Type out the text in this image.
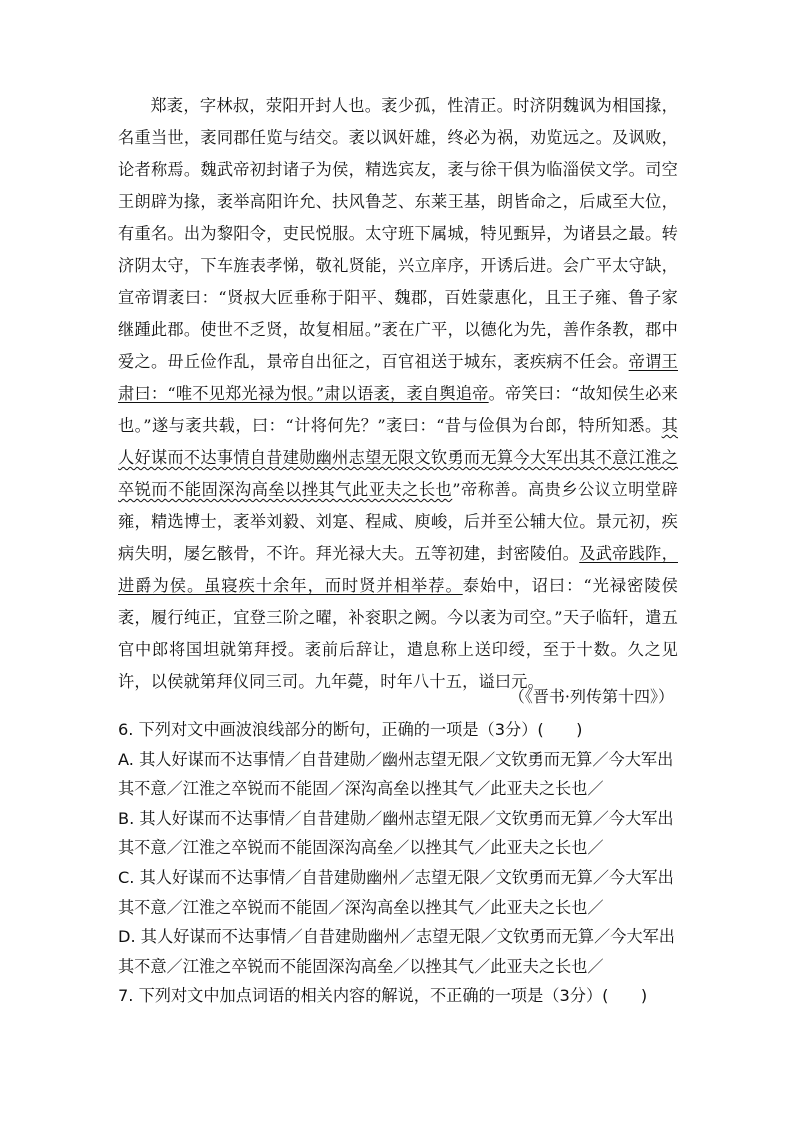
郑袤，字林叔，荥阳开封人也。袤少孤，性清正。时济阴魏讽为相国掾，名重当世，袤同郡任览与结交。袤以讽奸雄，终必为祸，劝览远之。及讽败，论者称焉。魏武帝初封诸子为侯，精选宾友，袤与徐干俱为临淄侯文学。司空王朗辟为掾，袤举高阳许允、扶风鲁芝、东莱王基，朗皆命之，后咸至大位，有重名。出为黎阳令，吏民悦服。太守班下属城，特见甄异，为诸县之最。转济阴太守，下车旌表孝悌，敬礼贤能，兴立庠序，开诱后进。会广平太守缺，宣帝谓袤曰：“贤叔大匠垂称于阳平、魏郡，百姓蒙惠化，且王子雍、鲁子家继踵此郡。使世不乏贤，故复相屈。”袤在广平，以德化为先，善作条教，郡中爱之。毌丘俭作乱，景帝自出征之，百官祖送于城东，袤疾病不任会。帝谓王肃曰：“唯不见郑光禄为恨。”肃以语袤，袤自舆追帝。帝笑曰：“故知侯生必来也。”遂与袤共载，曰：“计将何先？”袤曰：“昔与俭俱为台郎，特所知悉。其人好谋而不达事情自昔建勋幽州志望无限文钦勇而无算今大军出其不意江淮之卒锐而不能固深沟高垒以挫其气此亚夫之长也”帝称善。高贵乡公议立明堂辟雍，精选博士，袤举刘毅、刘寔、程咸、庾峻，后并至公辅大位。景元初，疾病失明，屡乞骸骨，不许。拜光禄大夫。五等初建，封密陵伯。及武帝践阼，进爵为侯。虽寝疾十余年，而时贤并相举荐。泰始中，诏曰：“光禄密陵侯袤，履行纯正，宜登三阶之曜，补衮职之阙。今以袤为司空。”天子临轩，遣五官中郎将国坦就第拜授。袤前后辞让，遣息称上送印绶，至于十数。久之见许，以侯就第拜仪同三司。九年薨，时年八十五，谥曰元。

（《晋书·列传第十四》）
6. 下列对文中画波浪线部分的断句，正确的一项是（3分）(　　)
A. 其人好谋而不达事情／自昔建勋／幽州志望无限／文钦勇而无算／今大军出
其不意／江淮之卒锐而不能固／深沟高垒以挫其气／此亚夫之长也／
B. 其人好谋而不达事情／自昔建勋／幽州志望无限／文钦勇而无算／今大军出
其不意／江淮之卒锐而不能固深沟高垒／以挫其气／此亚夫之长也／
C. 其人好谋而不达事情／自昔建勋幽州／志望无限／文钦勇而无算／今大军出
其不意／江淮之卒锐而不能固／深沟高垒以挫其气／此亚夫之长也／
D. 其人好谋而不达事情／自昔建勋幽州／志望无限／文钦勇而无算／今大军出
其不意／江淮之卒锐而不能固深沟高垒／以挫其气／此亚夫之长也／
7. 下列对文中加点词语的相关内容的解说，不正确的一项是（3分）(　　)
